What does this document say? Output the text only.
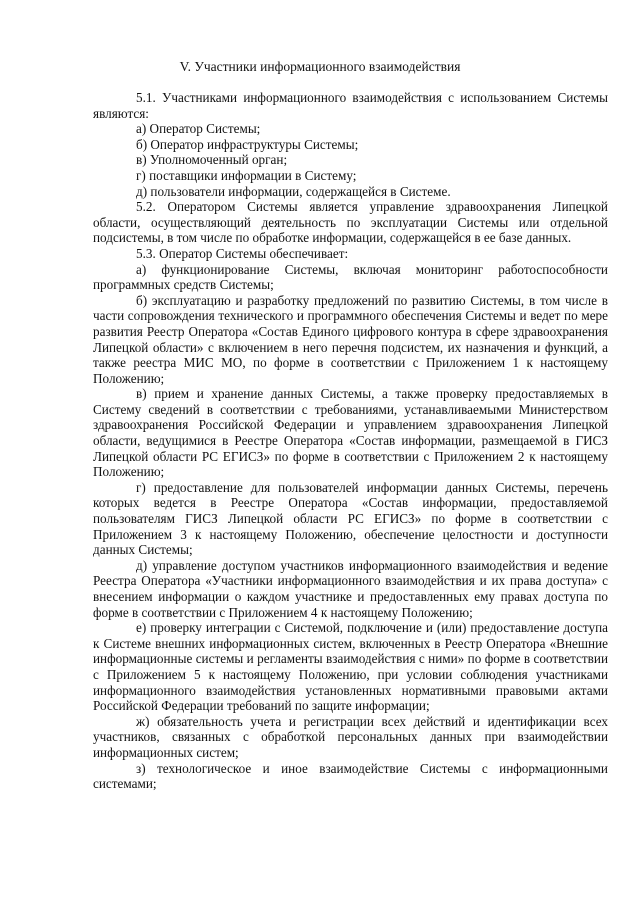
V. Участники информационного взаимодействия

5.1. Участниками информационного взаимодействия с использованием Системы являются:

а) Оператор Системы;

б) Оператор инфраструктуры Системы;

в) Уполномоченный орган;

г) поставщики информации в Систему;

д) пользователи информации, содержащейся в Системе.

5.2. Оператором Системы является управление здравоохранения Липецкой области, осуществляющий деятельность по эксплуатации Системы или отдельной подсистемы, в том числе по обработке информации, содержащейся в ее базе данных.

5.3. Оператор Системы обеспечивает:

а) функционирование Системы, включая мониторинг работоспособности программных средств Системы;

б) эксплуатацию и разработку предложений по развитию Системы, в том числе в части сопровождения технического и программного обеспечения Системы и ведет по мере развития Реестр Оператора «Состав Единого цифрового контура в сфере здравоохранения Липецкой области» с включением в него перечня подсистем, их назначения и функций, а также реестра МИС МО, по форме в соответствии с Приложением 1 к настоящему Положению;

в) прием и хранение данных Системы, а также проверку предоставляемых в Систему сведений в соответствии с требованиями, устанавливаемыми Министерством здравоохранения Российской Федерации и управлением здравоохранения Липецкой области, ведущимися в Реестре Оператора «Состав информации, размещаемой в ГИСЗ Липецкой области РС ЕГИСЗ» по форме в соответствии с Приложением 2 к настоящему Положению;

г) предоставление для пользователей информации данных Системы, перечень которых ведется в Реестре Оператора «Состав информации, предоставляемой пользователям ГИСЗ Липецкой области РС ЕГИСЗ» по форме в соответствии с Приложением 3 к настоящему Положению, обеспечение целостности и доступности данных Системы;

д) управление доступом участников информационного взаимодействия и ведение Реестра Оператора «Участники информационного взаимодействия и их права доступа» с внесением информации о каждом участнике и предоставленных ему правах доступа по форме в соответствии с Приложением 4 к настоящему Положению;

е) проверку интеграции с Системой, подключение и (или) предоставление доступа к Системе внешних информационных систем, включенных в Реестр Оператора «Внешние информационные системы и регламенты взаимодействия с ними» по форме в соответствии с Приложением 5 к настоящему Положению, при условии соблюдения участниками информационного взаимодействия установленных нормативными правовыми актами Российской Федерации требований по защите информации;

ж) обязательность учета и регистрации всех действий и идентификации всех участников, связанных с обработкой персональных данных при взаимодействии информационных систем;

з) технологическое и иное взаимодействие Системы с информационными системами;
